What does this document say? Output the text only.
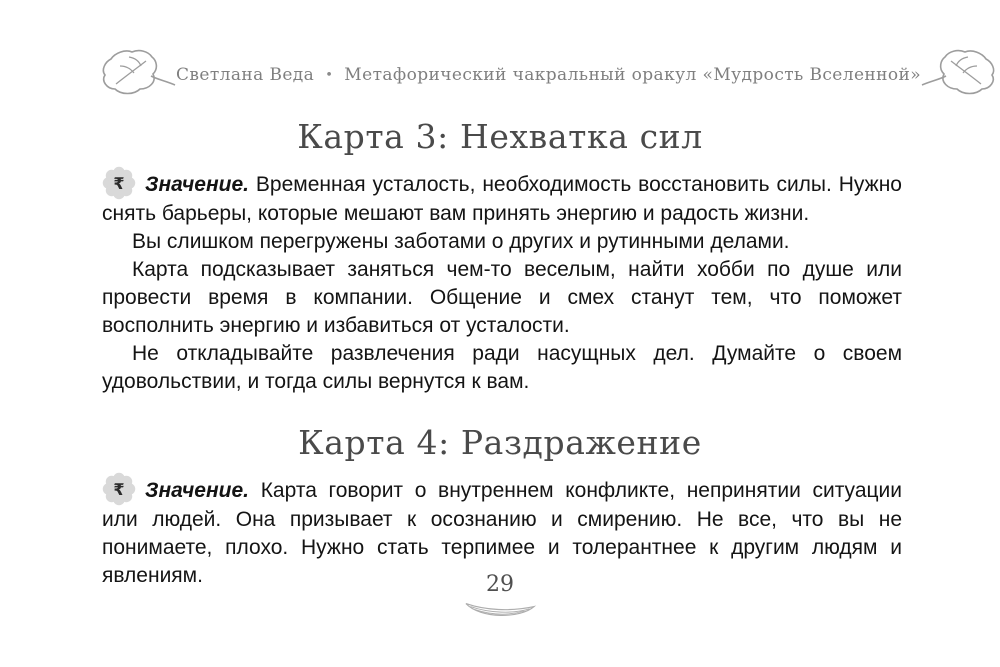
Светлана Веда • Метафорический чакральный оракул «Мудрость Вселенной»
Карта 3: Нехватка сил

₹ Значение. Временная усталость, необходимость восстановить силы. Нужно снять барьеры, которые мешают вам принять энергию и радость жизни.

Вы слишком перегружены заботами о других и рутинными делами.

Карта подсказывает заняться чем-то веселым, найти хобби по душе или провести время в компании. Общение и смех станут тем, что поможет восполнить энергию и избавиться от усталости.

Не откладывайте развлечения ради насущных дел. Думайте о своем удовольствии, и тогда силы вернутся к вам.

Карта 4: Раздражение

₹ Значение. Карта говорит о внутреннем конфликте, непринятии ситуации или людей. Она призывает к осознанию и смирению. Не все, что вы не понимаете, плохо. Нужно стать терпимее и толерантнее к другим людям и явлениям.	29
